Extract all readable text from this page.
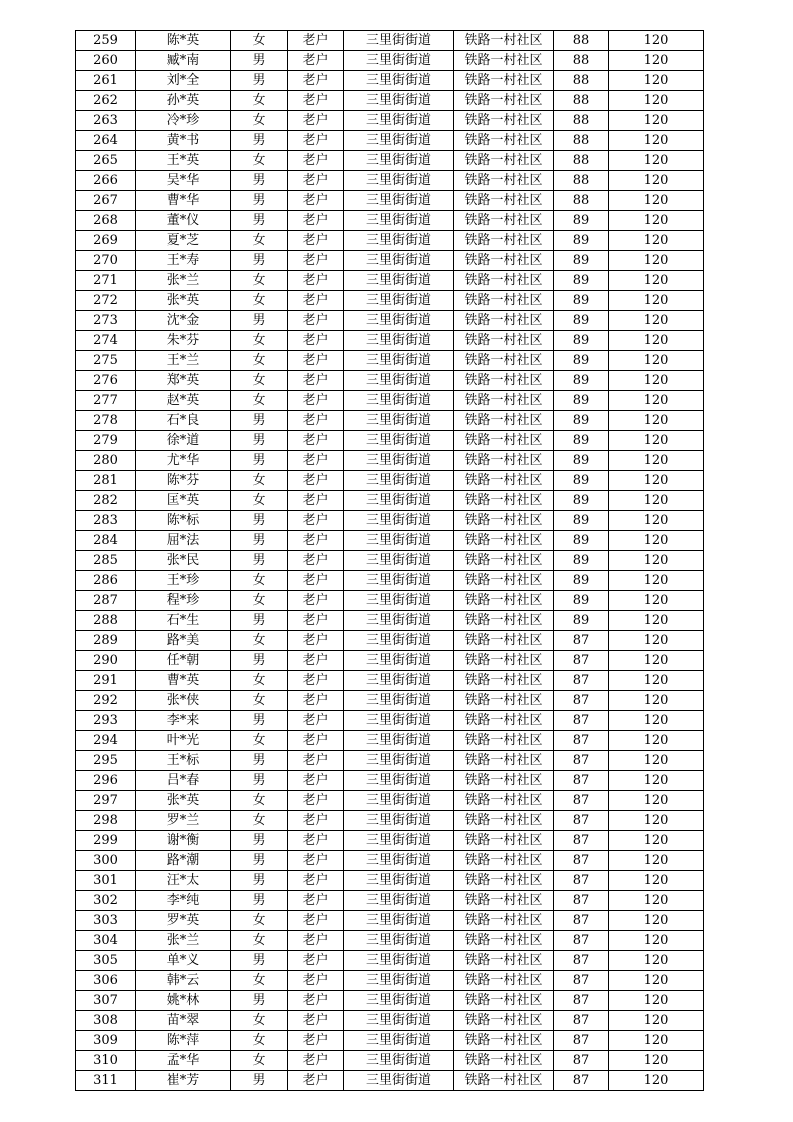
259	陈*英	女	老户	三里街街道	铁路一村社区	88	120
260	臧*南	男	老户	三里街街道	铁路一村社区	88	120
261	刘*全	男	老户	三里街街道	铁路一村社区	88	120
262	孙*英	女	老户	三里街街道	铁路一村社区	88	120
263	冷*珍	女	老户	三里街街道	铁路一村社区	88	120
264	黄*书	男	老户	三里街街道	铁路一村社区	88	120
265	王*英	女	老户	三里街街道	铁路一村社区	88	120
266	吴*华	男	老户	三里街街道	铁路一村社区	88	120
267	曹*华	男	老户	三里街街道	铁路一村社区	88	120
268	董*仪	男	老户	三里街街道	铁路一村社区	89	120
269	夏*芝	女	老户	三里街街道	铁路一村社区	89	120
270	王*寿	男	老户	三里街街道	铁路一村社区	89	120
271	张*兰	女	老户	三里街街道	铁路一村社区	89	120
272	张*英	女	老户	三里街街道	铁路一村社区	89	120
273	沈*金	男	老户	三里街街道	铁路一村社区	89	120
274	朱*芬	女	老户	三里街街道	铁路一村社区	89	120
275	王*兰	女	老户	三里街街道	铁路一村社区	89	120
276	郑*英	女	老户	三里街街道	铁路一村社区	89	120
277	赵*英	女	老户	三里街街道	铁路一村社区	89	120
278	石*良	男	老户	三里街街道	铁路一村社区	89	120
279	徐*道	男	老户	三里街街道	铁路一村社区	89	120
280	尤*华	男	老户	三里街街道	铁路一村社区	89	120
281	陈*芬	女	老户	三里街街道	铁路一村社区	89	120
282	匡*英	女	老户	三里街街道	铁路一村社区	89	120
283	陈*标	男	老户	三里街街道	铁路一村社区	89	120
284	屈*法	男	老户	三里街街道	铁路一村社区	89	120
285	张*民	男	老户	三里街街道	铁路一村社区	89	120
286	王*珍	女	老户	三里街街道	铁路一村社区	89	120
287	程*珍	女	老户	三里街街道	铁路一村社区	89	120
288	石*生	男	老户	三里街街道	铁路一村社区	89	120
289	路*美	女	老户	三里街街道	铁路一村社区	87	120
290	任*朝	男	老户	三里街街道	铁路一村社区	87	120
291	曹*英	女	老户	三里街街道	铁路一村社区	87	120
292	张*侠	女	老户	三里街街道	铁路一村社区	87	120
293	李*来	男	老户	三里街街道	铁路一村社区	87	120
294	叶*光	女	老户	三里街街道	铁路一村社区	87	120
295	王*标	男	老户	三里街街道	铁路一村社区	87	120
296	吕*春	男	老户	三里街街道	铁路一村社区	87	120
297	张*英	女	老户	三里街街道	铁路一村社区	87	120
298	罗*兰	女	老户	三里街街道	铁路一村社区	87	120
299	谢*衡	男	老户	三里街街道	铁路一村社区	87	120
300	路*潮	男	老户	三里街街道	铁路一村社区	87	120
301	汪*太	男	老户	三里街街道	铁路一村社区	87	120
302	李*纯	男	老户	三里街街道	铁路一村社区	87	120
303	罗*英	女	老户	三里街街道	铁路一村社区	87	120
304	张*兰	女	老户	三里街街道	铁路一村社区	87	120
305	单*义	男	老户	三里街街道	铁路一村社区	87	120
306	韩*云	女	老户	三里街街道	铁路一村社区	87	120
307	姚*林	男	老户	三里街街道	铁路一村社区	87	120
308	苗*翠	女	老户	三里街街道	铁路一村社区	87	120
309	陈*萍	女	老户	三里街街道	铁路一村社区	87	120
310	孟*华	女	老户	三里街街道	铁路一村社区	87	120
311	崔*芳	男	老户	三里街街道	铁路一村社区	87	120
